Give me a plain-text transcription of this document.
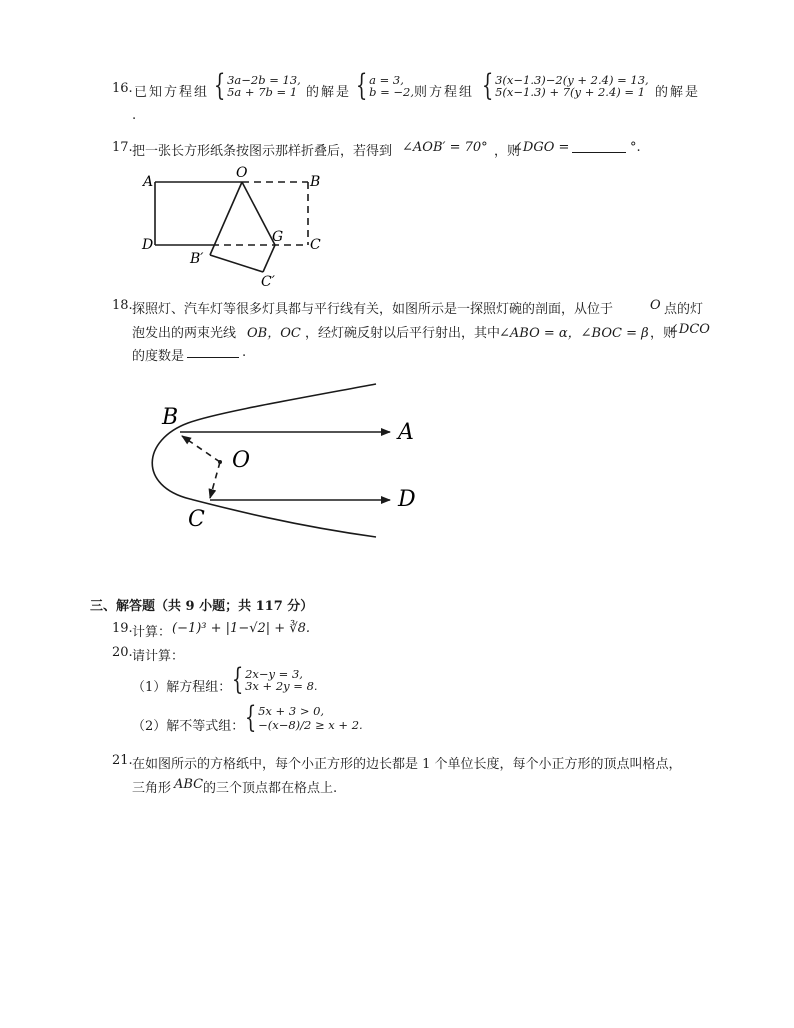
16. 已知方程组 { 3a−2b = 13,
5a + 7b = 1 的解是 { a = 3,
b = −2, 则方程组 { 3(x−1.3)−2(y + 2.4) = 13,
5(x−1.3) + 7(y + 2.4) = 1 的解是
.
17. 把一张长方形纸条按图示那样折叠后，若得到 ∠AOB′ = 70° ，则
∠DGO =	°.
A
O
B
D	G C
B′
C′
18. 探照灯、汽车灯等很多灯具都与平行线有关，如图所示是一探照灯碗的剖面，从位于	O 点的灯
泡发出的两束光线 OB，OC ，经灯碗反射以后平行射出，其中
∠ABO = α，∠BOC = β ，则
∠DCO
的度数是	.
B
A
O
C
D
三、解答题（共 9 小题；共 117 分）
19. 计算： (−1)³ + |1−√2| + ∛8.
20. 请计算：
（1）解方程组： { 2x−y = 3,
3x + 2y = 8.
（2）解不等式组： { 5x + 3 > 0,
−(x−8)/2 ≥ x + 2.
21. 在如图所示的方格纸中，每个小正方形的边长都是 1 个单位长度，每个小正方形的顶点叫格点，
三角形 ABC 的三个顶点都在格点上.
